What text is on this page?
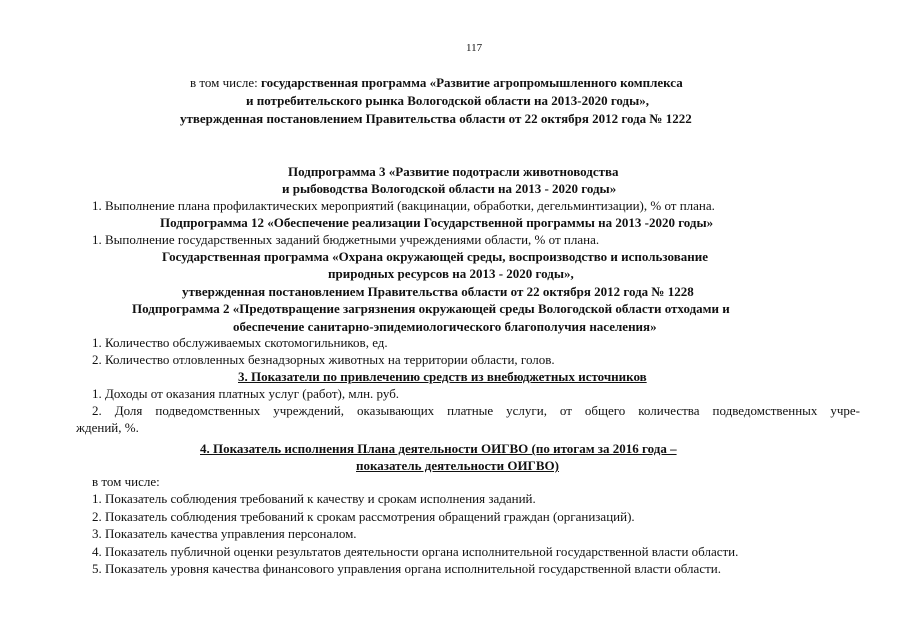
117
в том числе: государственная программа «Развитие агропромышленного комплекса
и потребительского рынка Вологодской области на 2013-2020 годы»,
утвержденная постановлением Правительства области от 22 октября 2012 года № 1222
Подпрограмма 3 «Развитие подотрасли животноводства
и рыбоводства Вологодской области на 2013 - 2020 годы»
1. Выполнение плана профилактических мероприятий (вакцинации, обработки, дегельминтизации), % от плана.
Подпрограмма 12 «Обеспечение реализации Государственной программы на 2013 -2020 годы»
1. Выполнение государственных заданий бюджетными учреждениями области, % от плана.
Государственная программа «Охрана окружающей среды, воспроизводство и использование
природных ресурсов на 2013 - 2020 годы»,
утвержденная постановлением Правительства области от 22 октября 2012 года № 1228
Подпрограмма 2 «Предотвращение загрязнения окружающей среды Вологодской области отходами и
обеспечение санитарно-эпидемиологического благополучия населения»
1. Количество обслуживаемых скотомогильников, ед.
2. Количество отловленных безнадзорных животных на территории области, голов.
3. Показатели по привлечению средств из внебюджетных источников
1. Доходы от оказания платных услуг (работ), млн. руб.
2. Доля подведомственных учреждений, оказывающих платные услуги, от общего количества подведомственных учре-
ждений, %.
4. Показатель исполнения Плана деятельности ОИГВО (по итогам за 2016 года –
показатель деятельности ОИГВО)
в том числе:
1. Показатель соблюдения требований к качеству и срокам исполнения заданий.
2. Показатель соблюдения требований к срокам рассмотрения обращений граждан (организаций).
3. Показатель качества управления персоналом.
4. Показатель публичной оценки результатов деятельности органа исполнительной государственной власти области.
5. Показатель уровня качества финансового управления органа исполнительной государственной власти области.
